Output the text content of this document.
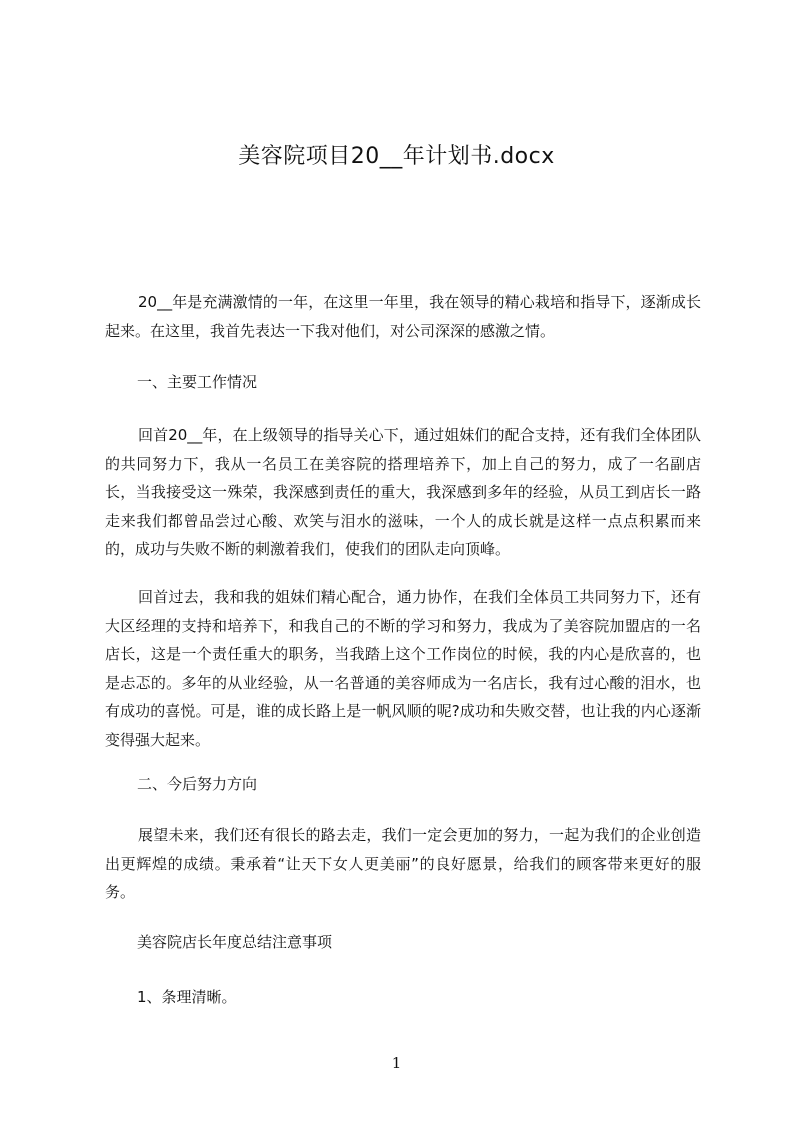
美容院项目20__年计划书.docx

20__年是充满激情的一年，在这里一年里，我在领导的精心栽培和指导下，逐渐成长起来。在这里，我首先表达一下我对他们，对公司深深的感激之情。

一、主要工作情况

回首20__年，在上级领导的指导关心下，通过姐妹们的配合支持，还有我们全体团队的共同努力下，我从一名员工在美容院的搭理培养下，加上自己的努力，成了一名副店长，当我接受这一殊荣，我深感到责任的重大，我深感到多年的经验，从员工到店长一路走来我们都曾品尝过心酸、欢笑与泪水的滋味，一个人的成长就是这样一点点积累而来的，成功与失败不断的刺激着我们，使我们的团队走向顶峰。

回首过去，我和我的姐妹们精心配合，通力协作，在我们全体员工共同努力下，还有大区经理的支持和培养下，和我自己的不断的学习和努力，我成为了美容院加盟店的一名店长，这是一个责任重大的职务，当我踏上这个工作岗位的时候，我的内心是欣喜的，也是忐忑的。多年的从业经验，从一名普通的美容师成为一名店长，我有过心酸的泪水，也有成功的喜悦。可是，谁的成长路上是一帆风顺的呢?成功和失败交替，也让我的内心逐渐变得强大起来。

二、今后努力方向

展望未来，我们还有很长的路去走，我们一定会更加的努力，一起为我们的企业创造出更辉煌的成绩。秉承着“让天下女人更美丽”的良好愿景，给我们的顾客带来更好的服务。

美容院店长年度总结注意事项

1、条理清晰。

1
